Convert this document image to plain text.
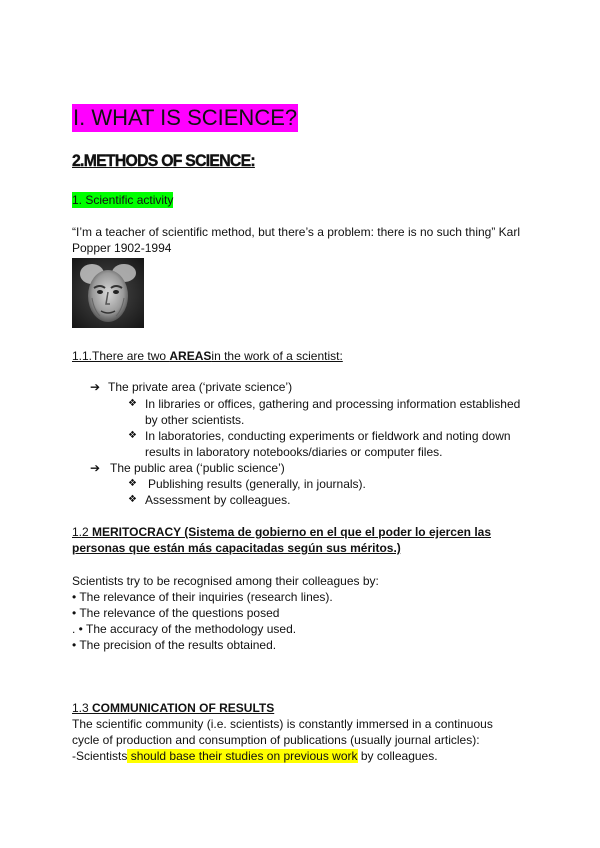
I. WHAT IS SCIENCE?
2.METHODS OF SCIENCE:
1. Scientific activity
“I’m a teacher of scientific method, but there’s a problem: there is no such thing” Karl
Popper 1902-1994
1.1.There are two AREASin the work of a scientist:
➔ The private area (‘private science’)
❖ In libraries or offices, gathering and processing information established
by other scientists.
❖ In laboratories, conducting experiments or fieldwork and noting down
results in laboratory notebooks/diaries or computer files.
➔ The public area (‘public science’)
❖ Publishing results (generally, in journals).
❖ Assessment by colleagues.
1.2 MERITOCRACY (Sistema de gobierno en el que el poder lo ejercen las
personas que están más capacitadas según sus méritos.)
Scientists try to be recognised among their colleagues by:
• The relevance of their inquiries (research lines).
• The relevance of the questions posed
. • The accuracy of the methodology used.
• The precision of the results obtained.
1.3 COMMUNICATION OF RESULTS
The scientific community (i.e. scientists) is constantly immersed in a continuous
cycle of production and consumption of publications (usually journal articles):
-Scientists should base their studies on previous work by colleagues.
